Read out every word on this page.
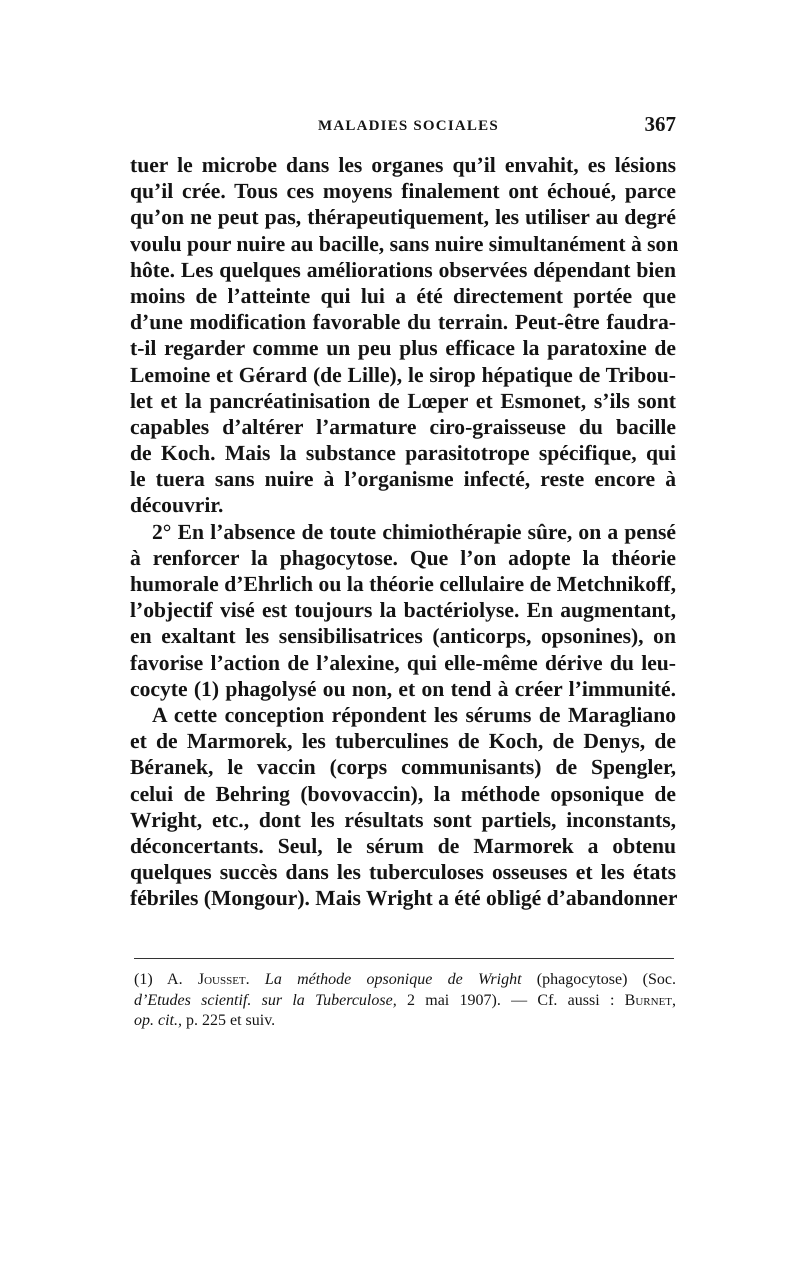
MALADIES SOCIALES	367
tuer le microbe dans les organes qu’il envahit, es lésions
qu’il crée. Tous ces moyens finalement ont échoué, parce
qu’on ne peut pas, thérapeutiquement, les utiliser au degré
voulu pour nuire au bacille, sans nuire simultanément à son
hôte. Les quelques améliorations observées dépendant bien
moins de l’atteinte qui lui a été directement portée que
d’une modification favorable du terrain. Peut-être faudra-
t-il regarder comme un peu plus efficace la paratoxine de
Lemoine et Gérard (de Lille), le sirop hépatique de Tribou-
let et la pancréatinisation de Lœper et Esmonet, s’ils sont
capables d’altérer l’armature ciro-graisseuse du bacille
de Koch. Mais la substance parasitotrope spécifique, qui
le tuera sans nuire à l’organisme infecté, reste encore à
découvrir.
2° En l’absence de toute chimiothérapie sûre, on a pensé
à renforcer la phagocytose. Que l’on adopte la théorie
humorale d’Ehrlich ou la théorie cellulaire de Metchnikoff,
l’objectif visé est toujours la bactériolyse. En augmentant,
en exaltant les sensibilisatrices (anticorps, opsonines), on
favorise l’action de l’alexine, qui elle-même dérive du leu-
cocyte (1) phagolysé ou non, et on tend à créer l’immunité.
A cette conception répondent les sérums de Maragliano
et de Marmorek, les tuberculines de Koch, de Denys, de
Béranek, le vaccin (corps communisants) de Spengler,
celui de Behring (bovovaccin), la méthode opsonique de
Wright, etc., dont les résultats sont partiels, inconstants,
déconcertants. Seul, le sérum de Marmorek a obtenu
quelques succès dans les tuberculoses osseuses et les états
fébriles (Mongour). Mais Wright a été obligé d’abandonner
(1) A. Jousset. La méthode opsonique de Wright (phagocytose) (Soc.
d’Etudes scientif. sur la Tuberculose, 2 mai 1907). — Cf. aussi : Burnet,
op. cit., p. 225 et suiv.
